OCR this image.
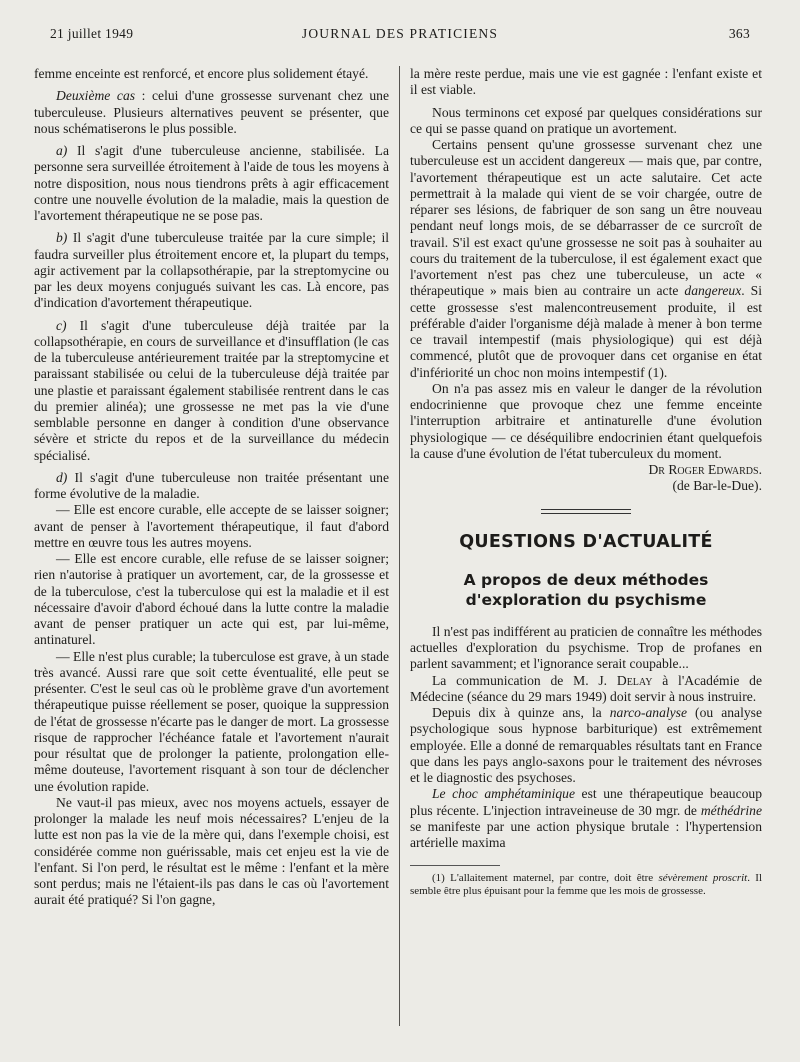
21 juillet 1949	JOURNAL DES PRATICIENS	363

femme enceinte est renforcé, et encore plus solidement étayé.

Deuxième cas : celui d'une grossesse survenant chez une tuberculeuse. Plusieurs alternatives peuvent se présenter, que nous schématiserons le plus possible.

a) Il s'agit d'une tuberculeuse ancienne, stabilisée. La personne sera surveillée étroitement à l'aide de tous les moyens à notre disposition, nous nous tiendrons prêts à agir efficacement contre une nouvelle évolution de la maladie, mais la question de l'avortement thérapeutique ne se pose pas.

b) Il s'agit d'une tuberculeuse traitée par la cure simple; il faudra surveiller plus étroitement encore et, la plupart du temps, agir activement par la collapsothérapie, par la streptomycine ou par les deux moyens conjugués suivant les cas. Là encore, pas d'indication d'avortement thérapeutique.

c) Il s'agit d'une tuberculeuse déjà traitée par la collapsothérapie, en cours de surveillance et d'insufflation (le cas de la tuberculeuse antérieurement traitée par la streptomycine et paraissant stabilisée ou celui de la tuberculeuse déjà traitée par une plastie et paraissant également stabilisée rentrent dans le cas du premier alinéa); une grossesse ne met pas la vie d'une semblable personne en danger à condition d'une observance sévère et stricte du repos et de la surveillance du médecin spécialisé.

d) Il s'agit d'une tuberculeuse non traitée présentant une forme évolutive de la maladie.

— Elle est encore curable, elle accepte de se laisser soigner; avant de penser à l'avortement thérapeutique, il faut d'abord mettre en œuvre tous les autres moyens.

— Elle est encore curable, elle refuse de se laisser soigner; rien n'autorise à pratiquer un avortement, car, de la grossesse et de la tuberculose, c'est la tuberculose qui est la maladie et il est nécessaire d'avoir d'abord échoué dans la lutte contre la maladie avant de penser pratiquer un acte qui est, par lui-même, antinaturel.

— Elle n'est plus curable; la tuberculose est grave, à un stade très avancé. Aussi rare que soit cette éventualité, elle peut se présenter. C'est le seul cas où le problème grave d'un avortement thérapeutique puisse réellement se poser, quoique la suppression de l'état de grossesse n'écarte pas le danger de mort. La grossesse risque de rapprocher l'échéance fatale et l'avortement n'aurait pour résultat que de prolonger la patiente, prolongation elle-même douteuse, l'avortement risquant à son tour de déclencher une évolution rapide.

Ne vaut-il pas mieux, avec nos moyens actuels, essayer de prolonger la malade les neuf mois nécessaires? L'enjeu de la lutte est non pas la vie de la mère qui, dans l'exemple choisi, est considérée comme non guérissable, mais cet enjeu est la vie de l'enfant. Si l'on perd, le résultat est le même : l'enfant et la mère sont perdus; mais ne l'étaient-ils pas dans le cas où l'avortement aurait été pratiqué? Si l'on gagne,

la mère reste perdue, mais une vie est gagnée : l'enfant existe et il est viable.

Nous terminons cet exposé par quelques considérations sur ce qui se passe quand on pratique un avortement.

Certains pensent qu'une grossesse survenant chez une tuberculeuse est un accident dangereux — mais que, par contre, l'avortement thérapeutique est un acte salutaire. Cet acte permettrait à la malade qui vient de se voir chargée, outre de réparer ses lésions, de fabriquer de son sang un être nouveau pendant neuf longs mois, de se débarrasser de ce surcroît de travail. S'il est exact qu'une grossesse ne soit pas à souhaiter au cours du traitement de la tuberculose, il est également exact que l'avortement n'est pas chez une tuberculeuse, un acte « thérapeutique » mais bien au contraire un acte dangereux. Si cette grossesse s'est malencontreusement produite, il est préférable d'aider l'organisme déjà malade à mener à bon terme ce travail intempestif (mais physiologique) qui est déjà commencé, plutôt que de provoquer dans cet organise en état d'infériorité un choc non moins intempestif (1).

On n'a pas assez mis en valeur le danger de la révolution endocrinienne que provoque chez une femme enceinte l'interruption arbitraire et antinaturelle d'une évolution physiologique — ce déséquilibre endocrinien étant quelquefois la cause d'une évolution de l'état tuberculeux du moment.

Dr Roger Edwards.

(de Bar-le-Due).

QUESTIONS D'ACTUALITÉ
A propos de deux méthodes d'exploration du psychisme

Il n'est pas indifférent au praticien de connaître les méthodes actuelles d'exploration du psychisme. Trop de profanes en parlent savamment; et l'ignorance serait coupable...

La communication de M. J. Delay à l'Académie de Médecine (séance du 29 mars 1949) doit servir à nous instruire.

Depuis dix à quinze ans, la narco-analyse (ou analyse psychologique sous hypnose barbiturique) est extrêmement employée. Elle a donné de remarquables résultats tant en France que dans les pays anglo-saxons pour le traitement des névroses et le diagnostic des psychoses.

Le choc amphétaminique est une thérapeutique beaucoup plus récente. L'injection intraveineuse de 30 mgr. de méthédrine se manifeste par une action physique brutale : l'hypertension artérielle maxima

(1) L'allaitement maternel, par contre, doit être sévèrement proscrit. Il semble être plus épuisant pour la femme que les mois de grossesse.
